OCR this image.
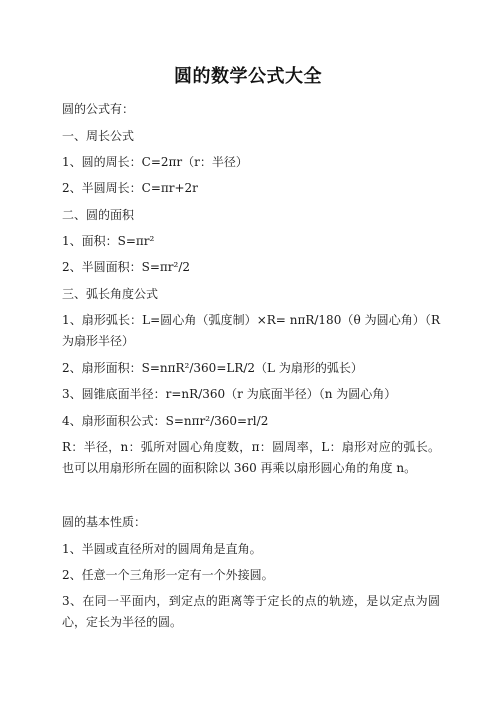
圆的数学公式大全
圆的公式有：
一、周长公式
1、圆的周长：C=2πr（r：半径）
2、半圆周长：C=πr+2r
二、圆的面积
1、面积：S=πr²
2、半圆面积：S=πr²/2
三、弧长角度公式
1、扇形弧长：L=圆心角（弧度制）×R= nπR/180（θ 为圆心角）（R 为扇形半径）
2、扇形面积：S=nπR²/360=LR/2（L 为扇形的弧长）
3、圆锥底面半径：r=nR/360（r 为底面半径）（n 为圆心角）
4、扇形面积公式：S=nπr²/360=rl/2
R：半径，n：弧所对圆心角度数，π：圆周率，L：扇形对应的弧长。也可以用扇形所在圆的面积除以 360 再乘以扇形圆心角的角度 n。
圆的基本性质：
1、半圆或直径所对的圆周角是直角。
2、任意一个三角形一定有一个外接圆。
3、在同一平面内，到定点的距离等于定长的点的轨迹，是以定点为圆心，定长为半径的圆。
